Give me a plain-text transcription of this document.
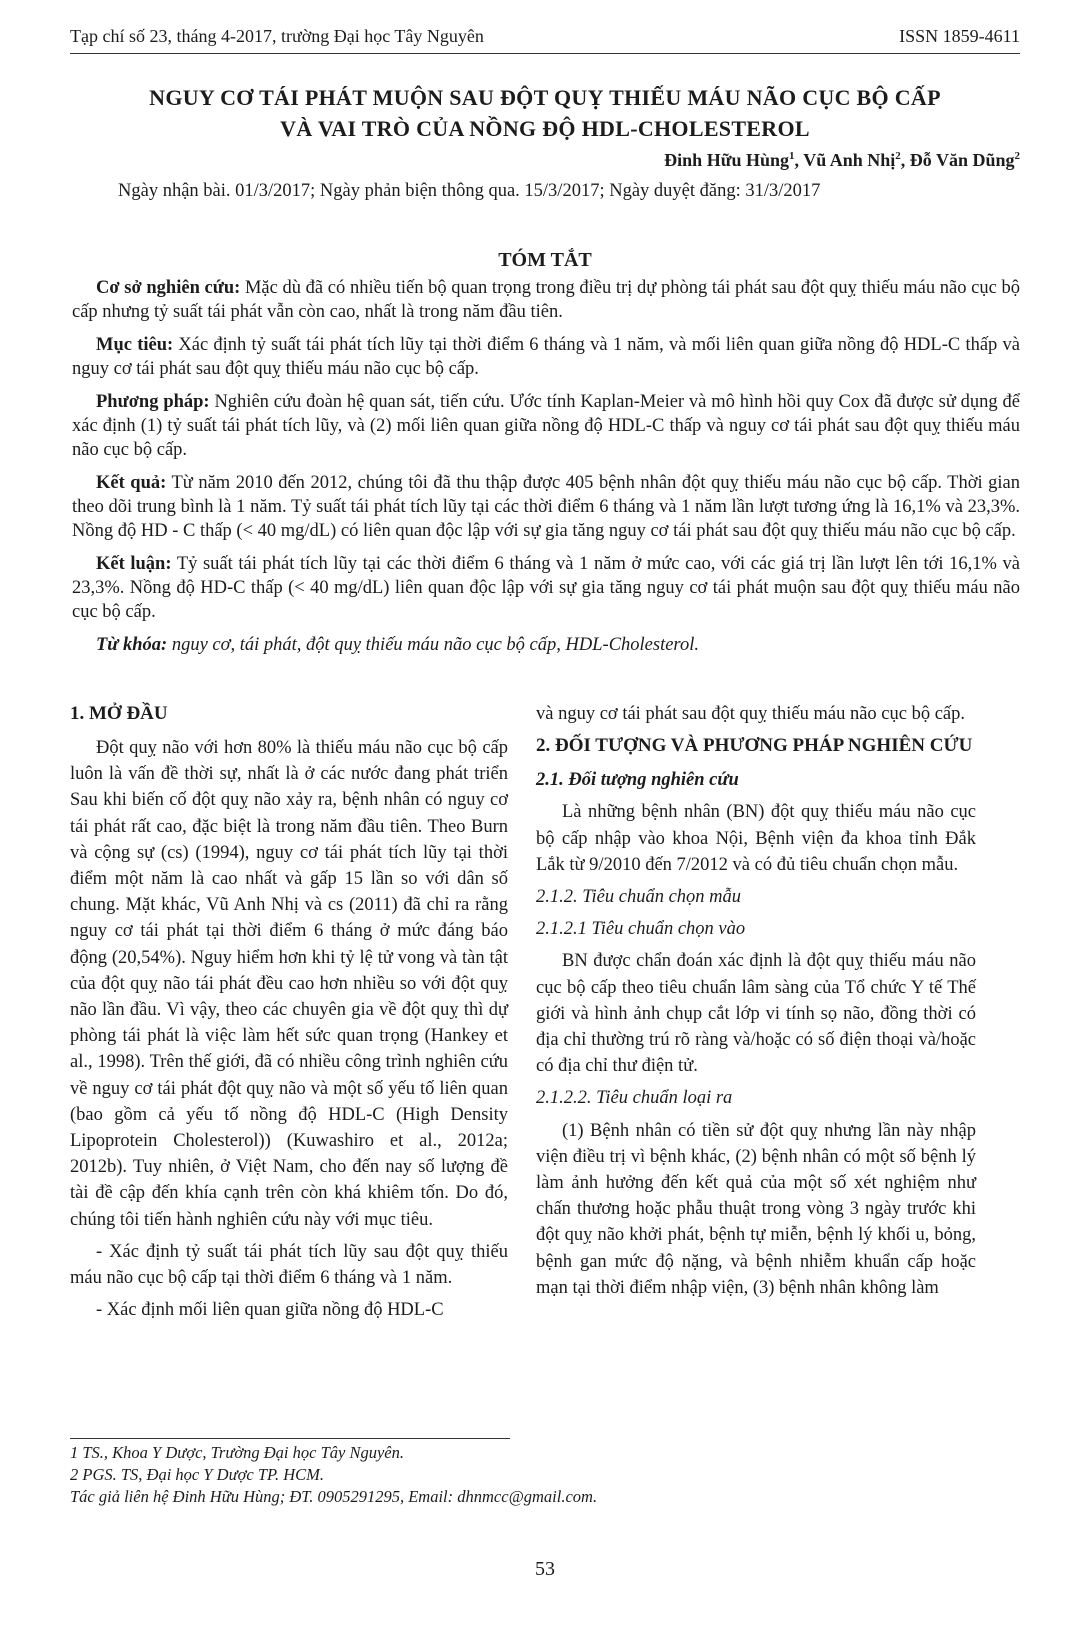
Tạp chí số 23, tháng 4-2017, trường Đại học Tây Nguyên	ISSN 1859-4611
NGUY CƠ TÁI PHÁT MUỘN SAU ĐỘT QUỴ THIẾU MÁU NÃO CỤC BỘ CẤP
VÀ VAI TRÒ CỦA NỒNG ĐỘ HDL-CHOLESTEROL
Đinh Hữu Hùng$^1$, Vũ Anh Nhị$^2$, Đỗ Văn Dũng$^2$
Ngày nhận bài. 01/3/2017; Ngày phản biện thông qua. 15/3/2017; Ngày duyệt đăng: 31/3/2017
TÓM TẮT

Cơ sở nghiên cứu: Mặc dù đã có nhiều tiến bộ quan trọng trong điều trị dự phòng tái phát sau đột quỵ thiếu máu não cục bộ cấp nhưng tỷ suất tái phát vẫn còn cao, nhất là trong năm đầu tiên.

Mục tiêu: Xác định tỷ suất tái phát tích lũy tại thời điểm 6 tháng và 1 năm, và mối liên quan giữa nồng độ HDL-C thấp và nguy cơ tái phát sau đột quỵ thiếu máu não cục bộ cấp.

Phương pháp: Nghiên cứu đoàn hệ quan sát, tiến cứu. Ước tính Kaplan-Meier và mô hình hồi quy Cox đã được sử dụng để xác định (1) tỷ suất tái phát tích lũy, và (2) mối liên quan giữa nồng độ HDL-C thấp và nguy cơ tái phát sau đột quỵ thiếu máu não cục bộ cấp.

Kết quả: Từ năm 2010 đến 2012, chúng tôi đã thu thập được 405 bệnh nhân đột quỵ thiếu máu não cục bộ cấp. Thời gian theo dõi trung bình là 1 năm. Tỷ suất tái phát tích lũy tại các thời điểm 6 tháng và 1 năm lần lượt tương ứng là 16,1% và 23,3%. Nồng độ HD - C thấp (< 40 mg/dL) có liên quan độc lập với sự gia tăng nguy cơ tái phát sau đột quỵ thiếu máu não cục bộ cấp.

Kết luận: Tỷ suất tái phát tích lũy tại các thời điểm 6 tháng và 1 năm ở mức cao, với các giá trị lần lượt lên tới 16,1% và 23,3%. Nồng độ HD-C thấp (< 40 mg/dL) liên quan độc lập với sự gia tăng nguy cơ tái phát muộn sau đột quỵ thiếu máu não cục bộ cấp.

Từ khóa: nguy cơ, tái phát, đột quỵ thiếu máu não cục bộ cấp, HDL-Cholesterol.

1. MỞ ĐẦU

Đột quỵ não với hơn 80% là thiếu máu não cục bộ cấp luôn là vấn đề thời sự, nhất là ở các nước đang phát triển Sau khi biến cố đột quỵ não xảy ra, bệnh nhân có nguy cơ tái phát rất cao, đặc biệt là trong năm đầu tiên. Theo Burn và cộng sự (cs) (1994), nguy cơ tái phát tích lũy tại thời điểm một năm là cao nhất và gấp 15 lần so với dân số chung. Mặt khác, Vũ Anh Nhị và cs (2011) đã chỉ ra rằng nguy cơ tái phát tại thời điểm 6 tháng ở mức đáng báo động (20,54%). Nguy hiểm hơn khi tỷ lệ tử vong và tàn tật của đột quỵ não tái phát đều cao hơn nhiều so với đột quỵ não lần đầu. Vì vậy, theo các chuyên gia về đột quỵ thì dự phòng tái phát là việc làm hết sức quan trọng (Hankey et al., 1998). Trên thế giới, đã có nhiều công trình nghiên cứu về nguy cơ tái phát đột quỵ não và một số yếu tố liên quan (bao gồm cả yếu tố nồng độ HDL-C (High Density Lipoprotein Cholesterol)) (Kuwashiro et al., 2012a; 2012b). Tuy nhiên, ở Việt Nam, cho đến nay số lượng đề tài đề cập đến khía cạnh trên còn khá khiêm tốn. Do đó, chúng tôi tiến hành nghiên cứu này với mục tiêu.

- Xác định tỷ suất tái phát tích lũy sau đột quỵ thiếu máu não cục bộ cấp tại thời điểm 6 tháng và 1 năm.

- Xác định mối liên quan giữa nồng độ HDL-C

và nguy cơ tái phát sau đột quỵ thiếu máu não cục bộ cấp.

2. ĐỐI TƯỢNG VÀ PHƯƠNG PHÁP NGHIÊN CỨU
2.1. Đối tượng nghiên cứu

Là những bệnh nhân (BN) đột quỵ thiếu máu não cục bộ cấp nhập vào khoa Nội, Bệnh viện đa khoa tỉnh Đắk Lắk từ 9/2010 đến 7/2012 và có đủ tiêu chuẩn chọn mẫu.

2.1.2. Tiêu chuẩn chọn mẫu
2.1.2.1 Tiêu chuẩn chọn vào

BN được chẩn đoán xác định là đột quỵ thiếu máu não cục bộ cấp theo tiêu chuẩn lâm sàng của Tổ chức Y tế Thế giới và hình ảnh chụp cắt lớp vi tính sọ não, đồng thời có địa chỉ thường trú rõ ràng và/hoặc có số điện thoại và/hoặc có địa chỉ thư điện tử.

2.1.2.2. Tiêu chuẩn loại ra

(1) Bệnh nhân có tiền sử đột quỵ nhưng lần này nhập viện điều trị vì bệnh khác, (2) bệnh nhân có một số bệnh lý làm ảnh hưởng đến kết quả của một số xét nghiệm như chấn thương hoặc phẫu thuật trong vòng 3 ngày trước khi đột quỵ não khởi phát, bệnh tự miễn, bệnh lý khối u, bỏng, bệnh gan mức độ nặng, và bệnh nhiễm khuẩn cấp hoặc mạn tại thời điểm nhập viện, (3) bệnh nhân không làm

1 TS., Khoa Y Dược, Trường Đại học Tây Nguyên.
2 PGS. TS, Đại học Y Dược TP. HCM.
Tác giả liên hệ Đinh Hữu Hùng; ĐT. 0905291295, Email: dhnmcc@gmail.com.
53
